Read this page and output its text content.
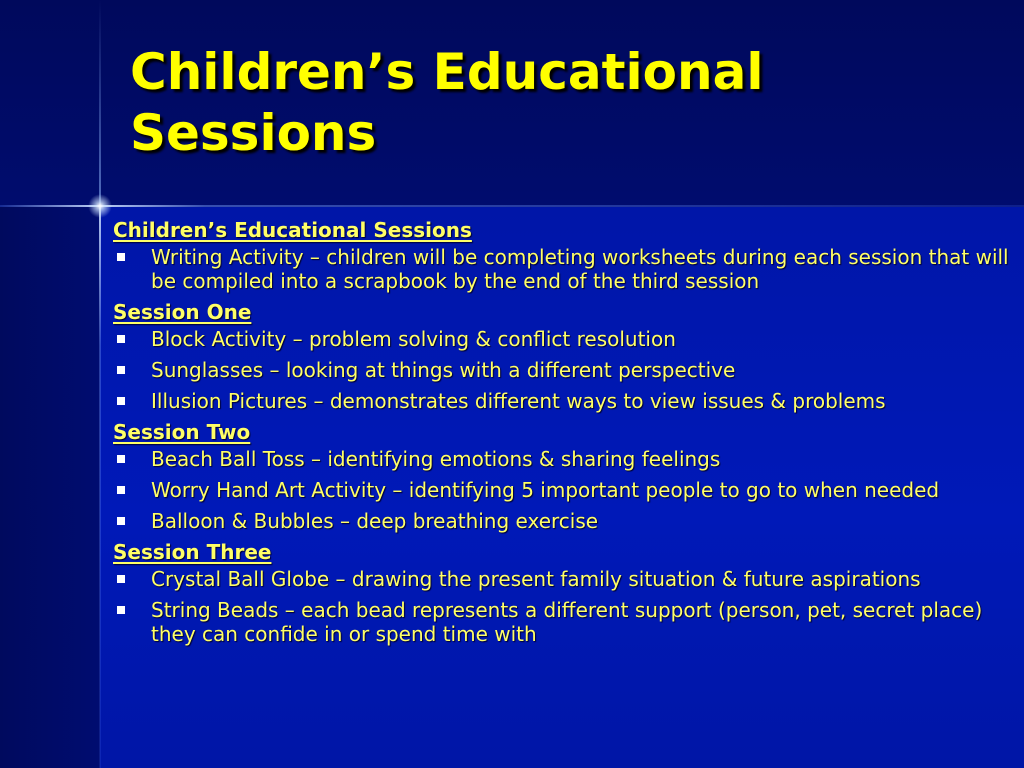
Children’s Educational Sessions
Children’s Educational Sessions
Writing Activity – children will be completing worksheets during each session that will be compiled into a scrapbook by the end of the third session
Session One
Block Activity – problem solving & conflict resolution
Sunglasses – looking at things with a different perspective
Illusion Pictures – demonstrates different ways to view issues & problems
Session Two
Beach Ball Toss – identifying emotions & sharing feelings
Worry Hand Art Activity – identifying 5 important people to go to when needed
Balloon & Bubbles – deep breathing exercise
Session Three
Crystal Ball Globe – drawing the present family situation & future aspirations
String Beads – each bead represents a different support (person, pet, secret place) they can confide in or spend time with
